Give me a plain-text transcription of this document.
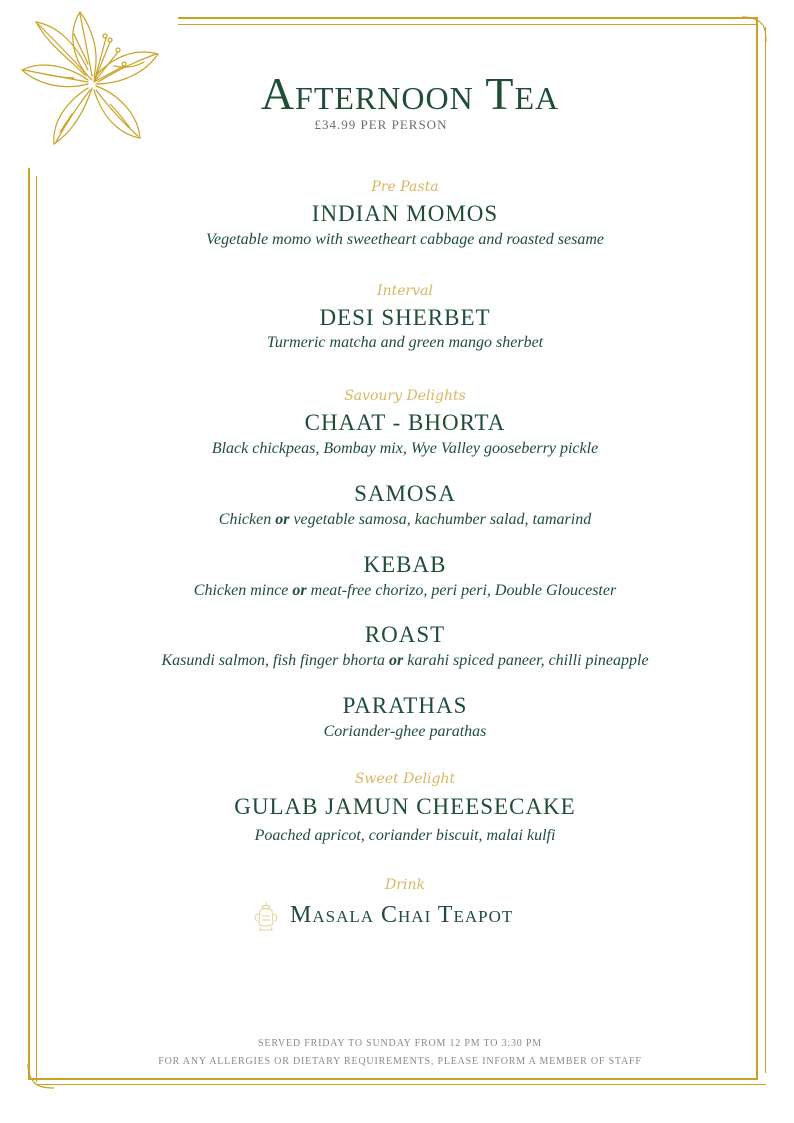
Afternoon Tea
£34.99 PER PERSON
Pre Pasta
INDIAN MOMOS

Vegetable momo with sweetheart cabbage and roasted sesame

Interval
DESI SHERBET

Turmeric matcha and green mango sherbet

Savoury Delights
CHAAT - BHORTA

Black chickpeas, Bombay mix, Wye Valley gooseberry pickle

SAMOSA

Chicken or vegetable samosa, kachumber salad, tamarind

KEBAB

Chicken mince or meat-free chorizo, peri peri, Double Gloucester

ROAST

Kasundi salmon, fish finger bhorta or karahi spiced paneer, chilli pineapple

PARATHAS

Coriander-ghee parathas

Sweet Delight
GULAB JAMUN CHEESECAKE

Poached apricot, coriander biscuit, malai kulfi

Drink
Masala Chai Teapot
SERVED FRIDAY TO SUNDAY FROM 12 PM TO 3:30 PM
FOR ANY ALLERGIES OR DIETARY REQUIREMENTS, PLEASE INFORM A MEMBER OF STAFF
